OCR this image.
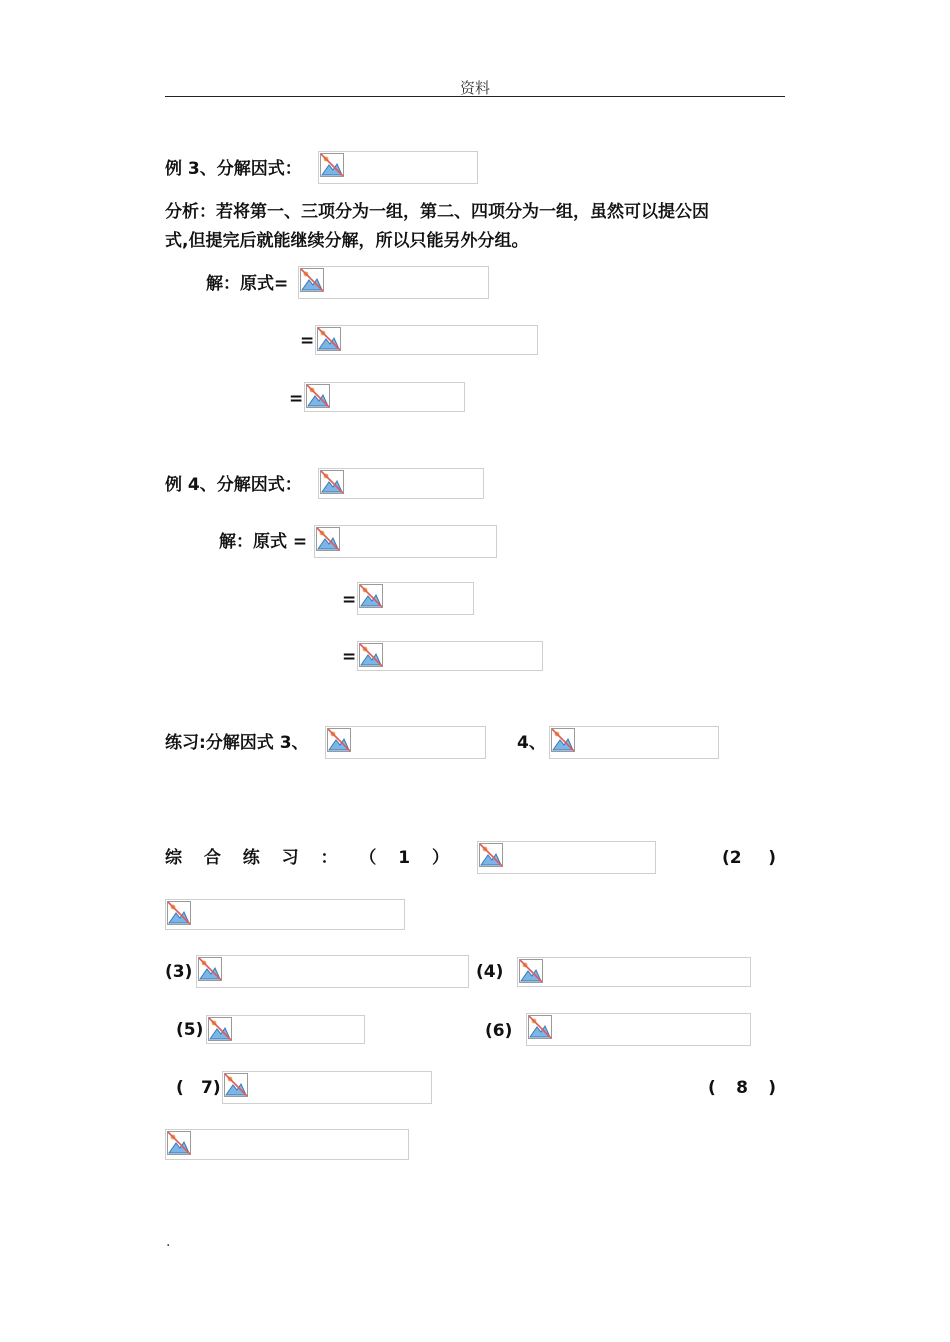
资料
例 3、分解因式：
分析：若将第一、三项分为一组，第二、四项分为一组，虽然可以提公因
式,但提完后就能继续分解，所以只能另外分组。
解：原式=
=
=
例 4、分解因式：
解：原式 =
=
=
练习:分解因式 3、	4、
综 合 练 习 ： （ 1 ）	(2 )
(3)	(4)
(5)	(6)
( 7)	( 8 )
.
